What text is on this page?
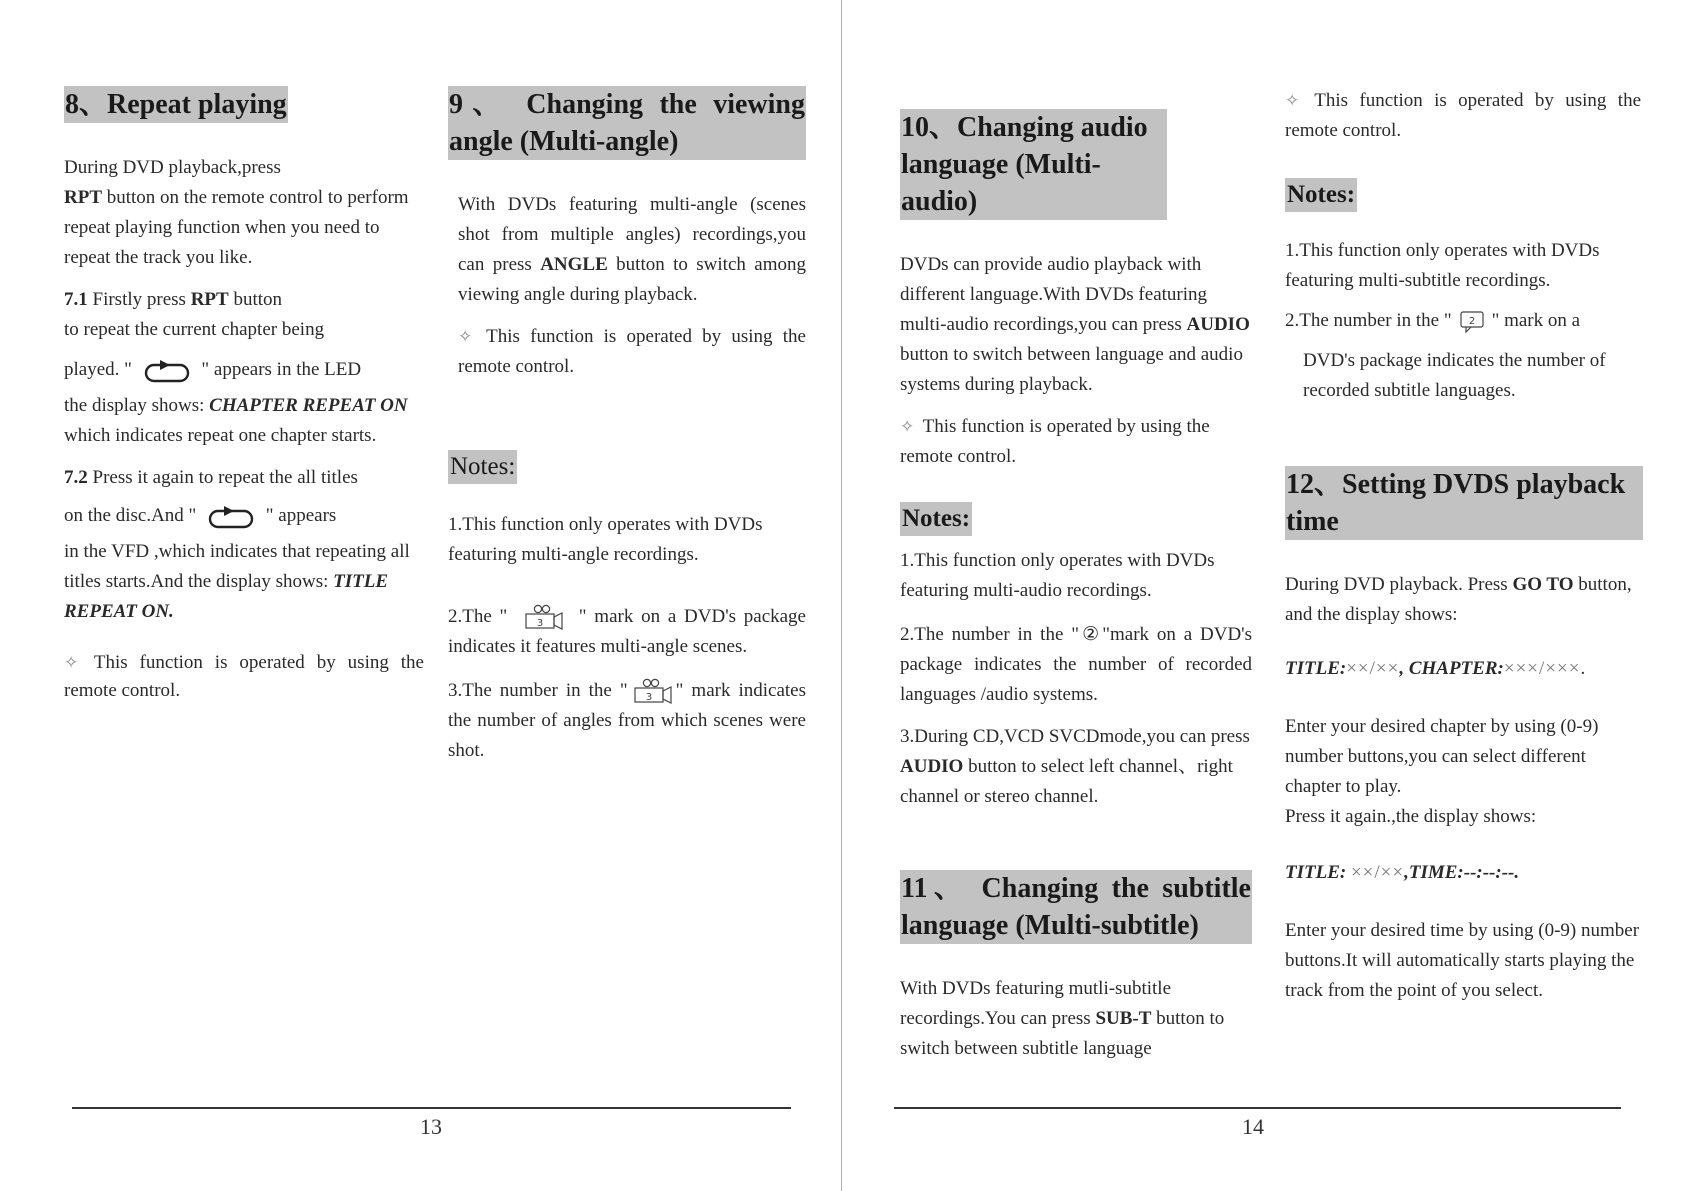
8、Repeat playing

During DVD playback,press
RPT button on the remote control to perform repeat playing function when you need to repeat the track you like.

7.1 Firstly press RPT button
to repeat the current chapter being

played. "	" appears in the LED

the display shows: CHAPTER REPEAT ON which indicates repeat one chapter starts.

7.2 Press it again to repeat the all titles

on the disc.And "	" appears

in the VFD ,which indicates that repeating all titles starts.And the display shows: TITLE REPEAT ON.

✧ This function is operated by using the remote control.

9、 Changing the viewing angle (Multi-angle)

With DVDs featuring multi-angle (scenes shot from multiple angles) recordings,you can press ANGLE button to switch among viewing angle during playback.

✧ This function is operated by using the remote control.

Notes:

1.This function only operates with DVDs featuring multi-angle recordings.

2.The "	3 " mark on a DVD's package indicates it features multi-angle scenes.

3.The number in the " 3 " mark indicates the number of angles from which scenes were shot.

13
10、Changing audio language (Multi-audio)

DVDs can provide audio playback with different language.With DVDs featuring multi-audio recordings,you can press AUDIO button to switch between language and audio systems during playback.

✧ This function is operated by using the remote control.

Notes:

1.This function only operates with DVDs featuring multi-audio recordings.

2.The number in the "②"mark on a DVD's package indicates the number of recorded languages /audio systems.

3.During CD,VCD SVCDmode,you can press AUDIO button to select left channel、right channel or stereo channel.

11、 Changing the subtitle language (Multi-subtitle)

With DVDs featuring mutli-subtitle recordings.You can press SUB-T button to switch between subtitle language

✧ This function is operated by using the remote control.

Notes:

1.This function only operates with DVDs featuring multi-subtitle recordings.

2.The number in the " 2 " mark on a

DVD's package indicates the number of recorded subtitle languages.

12、Setting DVDS playback time

During DVD playback. Press GO TO button, and the display shows:

TITLE:××/××, CHAPTER:×××/×××.

Enter your desired chapter by using (0-9) number buttons,you can select different chapter to play.

Press it again.,the display shows:

TITLE: ××/××,TIME:--:--:--.

Enter your desired time by using (0-9) number buttons.It will automatically starts playing the track from the point of you select.

14
